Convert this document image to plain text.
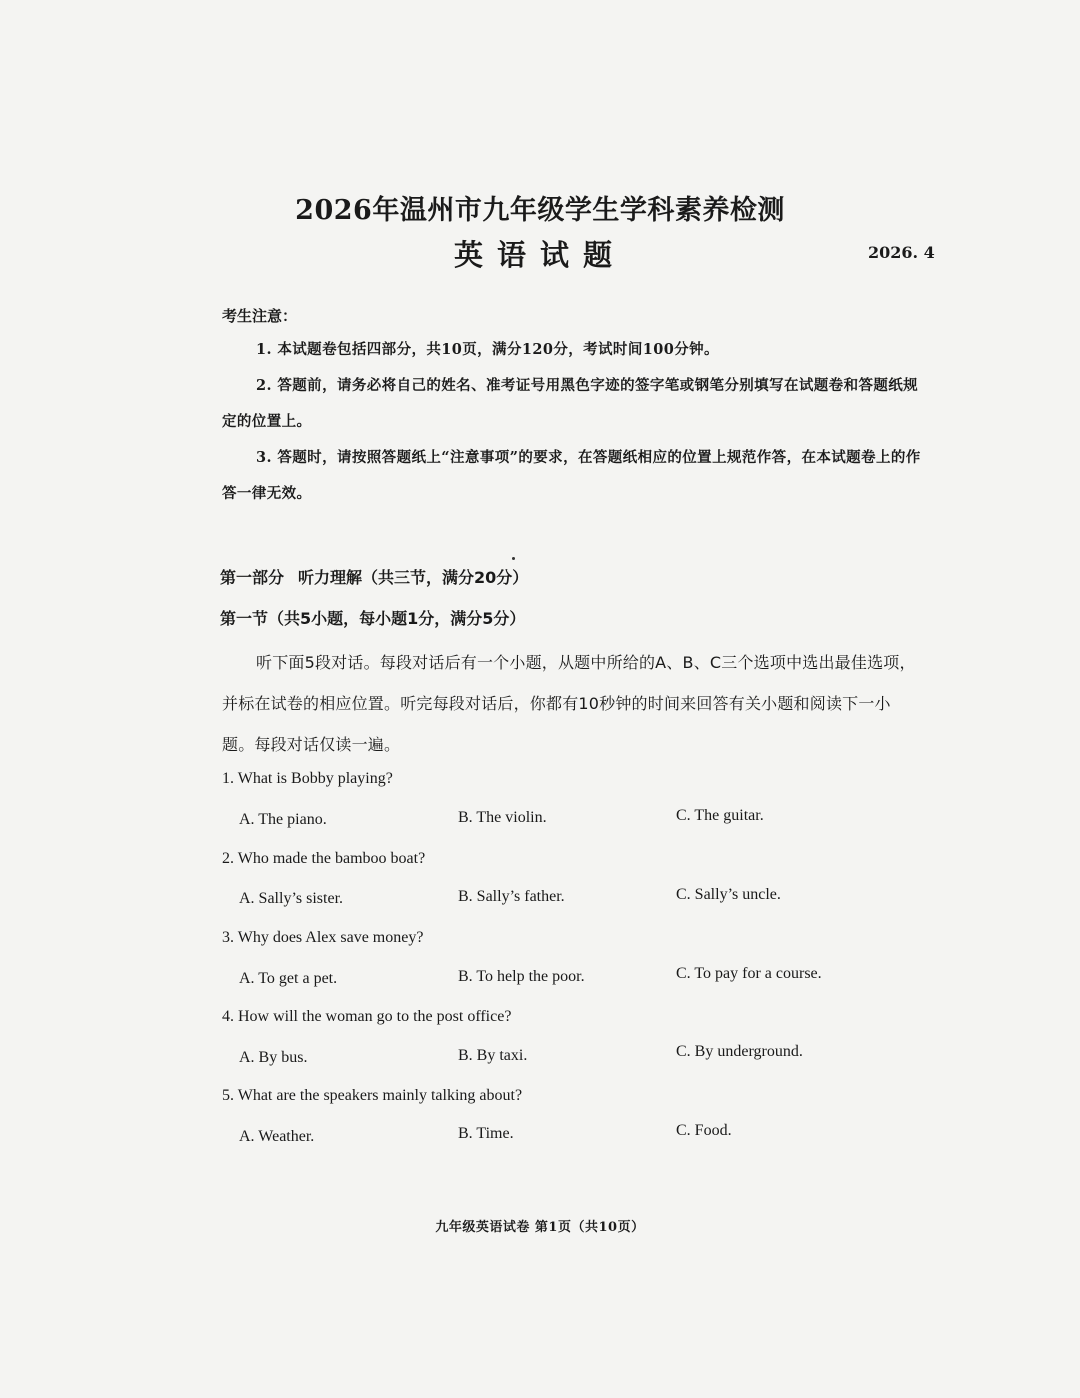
2026年温州市九年级学生学科素养检测
英语试题	2026. 4
考生注意：
1. 本试题卷包括四部分，共10页，满分120分，考试时间100分钟。
2. 答题前，请务必将自己的姓名、准考证号用黑色字迹的签字笔或钢笔分别填写在试题卷和答题纸规定的位置上。
3. 答题时，请按照答题纸上“注意事项”的要求，在答题纸相应的位置上规范作答，在本试题卷上的作答一律无效。
第一部分 听力理解（共三节，满分20分）
第一节（共5小题，每小题1分，满分5分）
听下面5段对话。每段对话后有一个小题，从题中所给的A、B、C三个选项中选出最佳选项，并标在试卷的相应位置。听完每段对话后，你都有10秒钟的时间来回答有关小题和阅读下一小题。每段对话仅读一遍。
1. What is Bobby playing?
A. The piano.	B. The violin.	C. The guitar.
2. Who made the bamboo boat?
A. Sally’s sister.	B. Sally’s father.	C. Sally’s uncle.
3. Why does Alex save money?
A. To get a pet.	B. To help the poor.	C. To pay for a course.
4. How will the woman go to the post office?
A. By bus.	B. By taxi.	C. By underground.
5. What are the speakers mainly talking about?
A. Weather.	B. Time.	C. Food.
九年级英语试卷 第1页（共10页）
